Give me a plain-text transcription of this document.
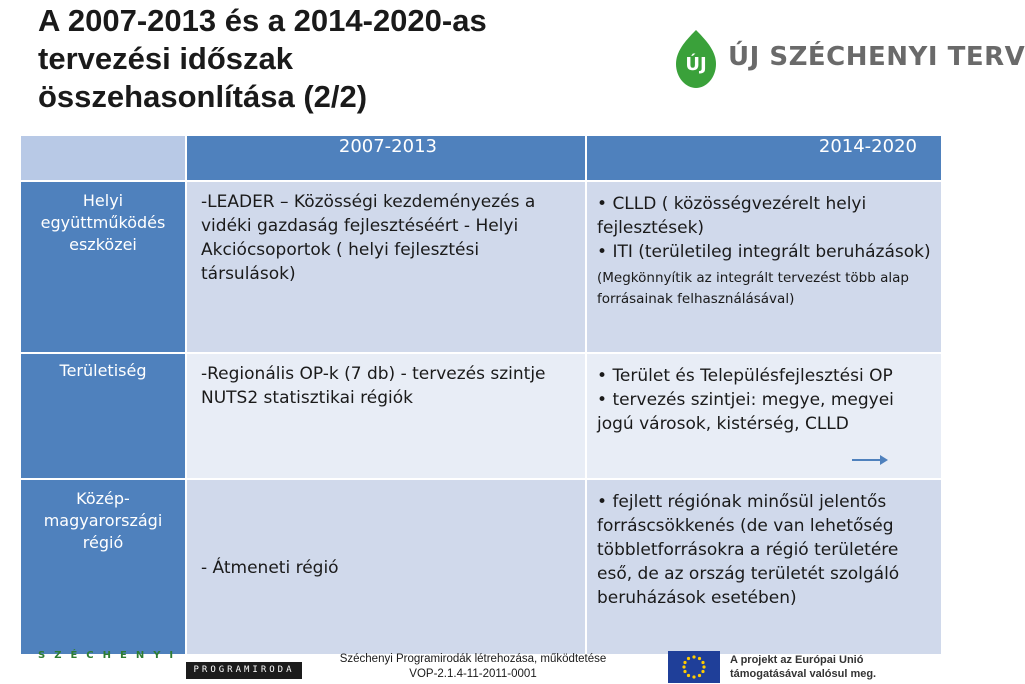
A 2007-2013 és a 2014-2020-as
tervezési időszak
összehasonlítása (2/2)
ÚJ ÚJ SZÉCHENYI TERV
	2007-2013	2014-2020

Helyi együttműködés eszközei	-LEADER – Közösségi kezdeményezés a vidéki gazdaság fejlesztéséért - Helyi Akciócsoportok ( helyi fejlesztési társulások)	• CLLD ( közösségvezérelt helyi fejlesztések)
• ITI (területileg integrált beruházások)
(Megkönnyítik az integrált tervezést több alap forrásainak felhasználásával)

Területiség	-Regionális OP-k (7 db) - tervezés szintje NUTS2 statisztikai régiók	• Terület és Településfejlesztési OP
• tervezés szintjei: megye, megyei jogú városok, kistérség, CLLD

Közép-magyarországi régió	- Átmeneti régió	• fejlett régiónak minősül jelentős forráscsökkenés (de van lehetőség többletforrásokra a régió területére eső, de az ország területét szolgáló beruházások esetében)
SZÉCHENYI
PROGRAMIRODA
Széchenyi Programirodák létrehozása, működtetése
VOP-2.1.4-11-2011-0001
A projekt az Európai Unió
támogatásával valósul meg.
